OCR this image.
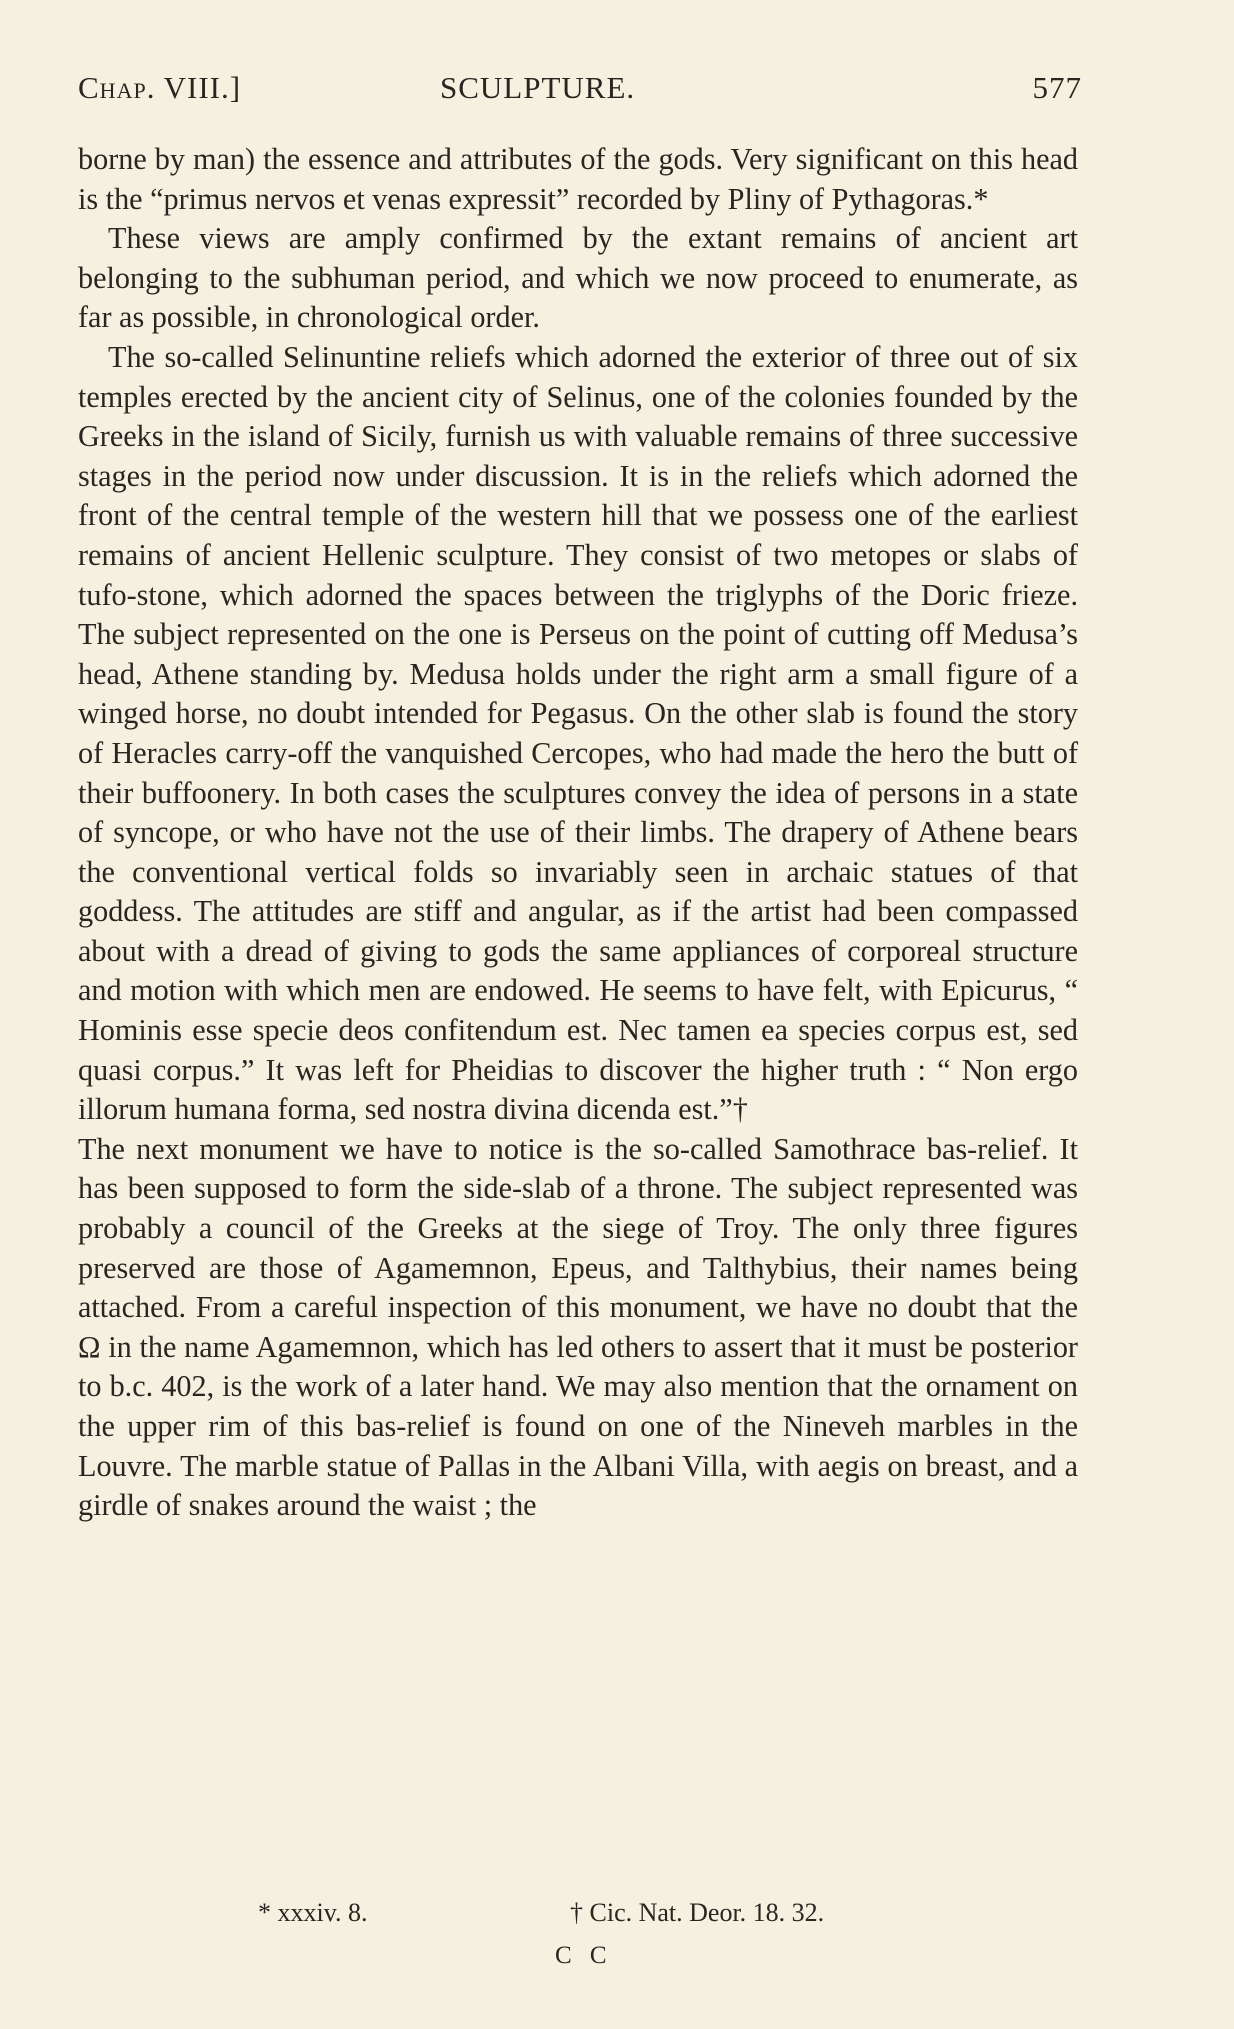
Chap. VIII.]	SCULPTURE.	577

borne by man) the essence and attributes of the gods. Very significant on this head is the “primus nervos et venas expressit” recorded by Pliny of Pythagoras.*

These views are amply confirmed by the extant remains of ancient art belonging to the subhuman period, and which we now proceed to enumerate, as far as possible, in chronological order.

The so-called Selinuntine reliefs which adorned the exterior of three out of six temples erected by the ancient city of Selinus, one of the colonies founded by the Greeks in the island of Sicily, furnish us with valuable remains of three successive stages in the period now under discussion. It is in the reliefs which adorned the front of the central temple of the western hill that we possess one of the earliest remains of ancient Hellenic sculpture. They consist of two metopes or slabs of tufo-stone, which adorned the spaces between the triglyphs of the Doric frieze. The subject represented on the one is Perseus on the point of cutting off Medusa’s head, Athene standing by. Medusa holds under the right arm a small figure of a winged horse, no doubt intended for Pegasus. On the other slab is found the story of Heracles carry-off the vanquished Cercopes, who had made the hero the butt of their buffoonery. In both cases the sculptures convey the idea of persons in a state of syncope, or who have not the use of their limbs. The drapery of Athene bears the conventional vertical folds so invariably seen in archaic statues of that goddess. The attitudes are stiff and angular, as if the artist had been compassed about with a dread of giving to gods the same appliances of corporeal structure and motion with which men are endowed. He seems to have felt, with Epicurus, “ Hominis esse specie deos confitendum est. Nec tamen ea species corpus est, sed quasi corpus.” It was left for Pheidias to discover the higher truth : “ Non ergo illorum humana forma, sed nostra divina dicenda est.”†

The next monument we have to notice is the so-called Samothrace bas-relief. It has been supposed to form the side-slab of a throne. The subject represented was probably a council of the Greeks at the siege of Troy. The only three figures preserved are those of Agamemnon, Epeus, and Talthybius, their names being attached. From a careful inspection of this monument, we have no doubt that the Ω in the name Agamemnon, which has led others to assert that it must be posterior to b.c. 402, is the work of a later hand. We may also mention that the ornament on the upper rim of this bas-relief is found on one of the Nineveh marbles in the Louvre. The marble statue of Pallas in the Albani Villa, with aegis on breast, and a girdle of snakes around the waist ; the

* xxxiv. 8.	† Cic. Nat. Deor. 18. 32.
C C
